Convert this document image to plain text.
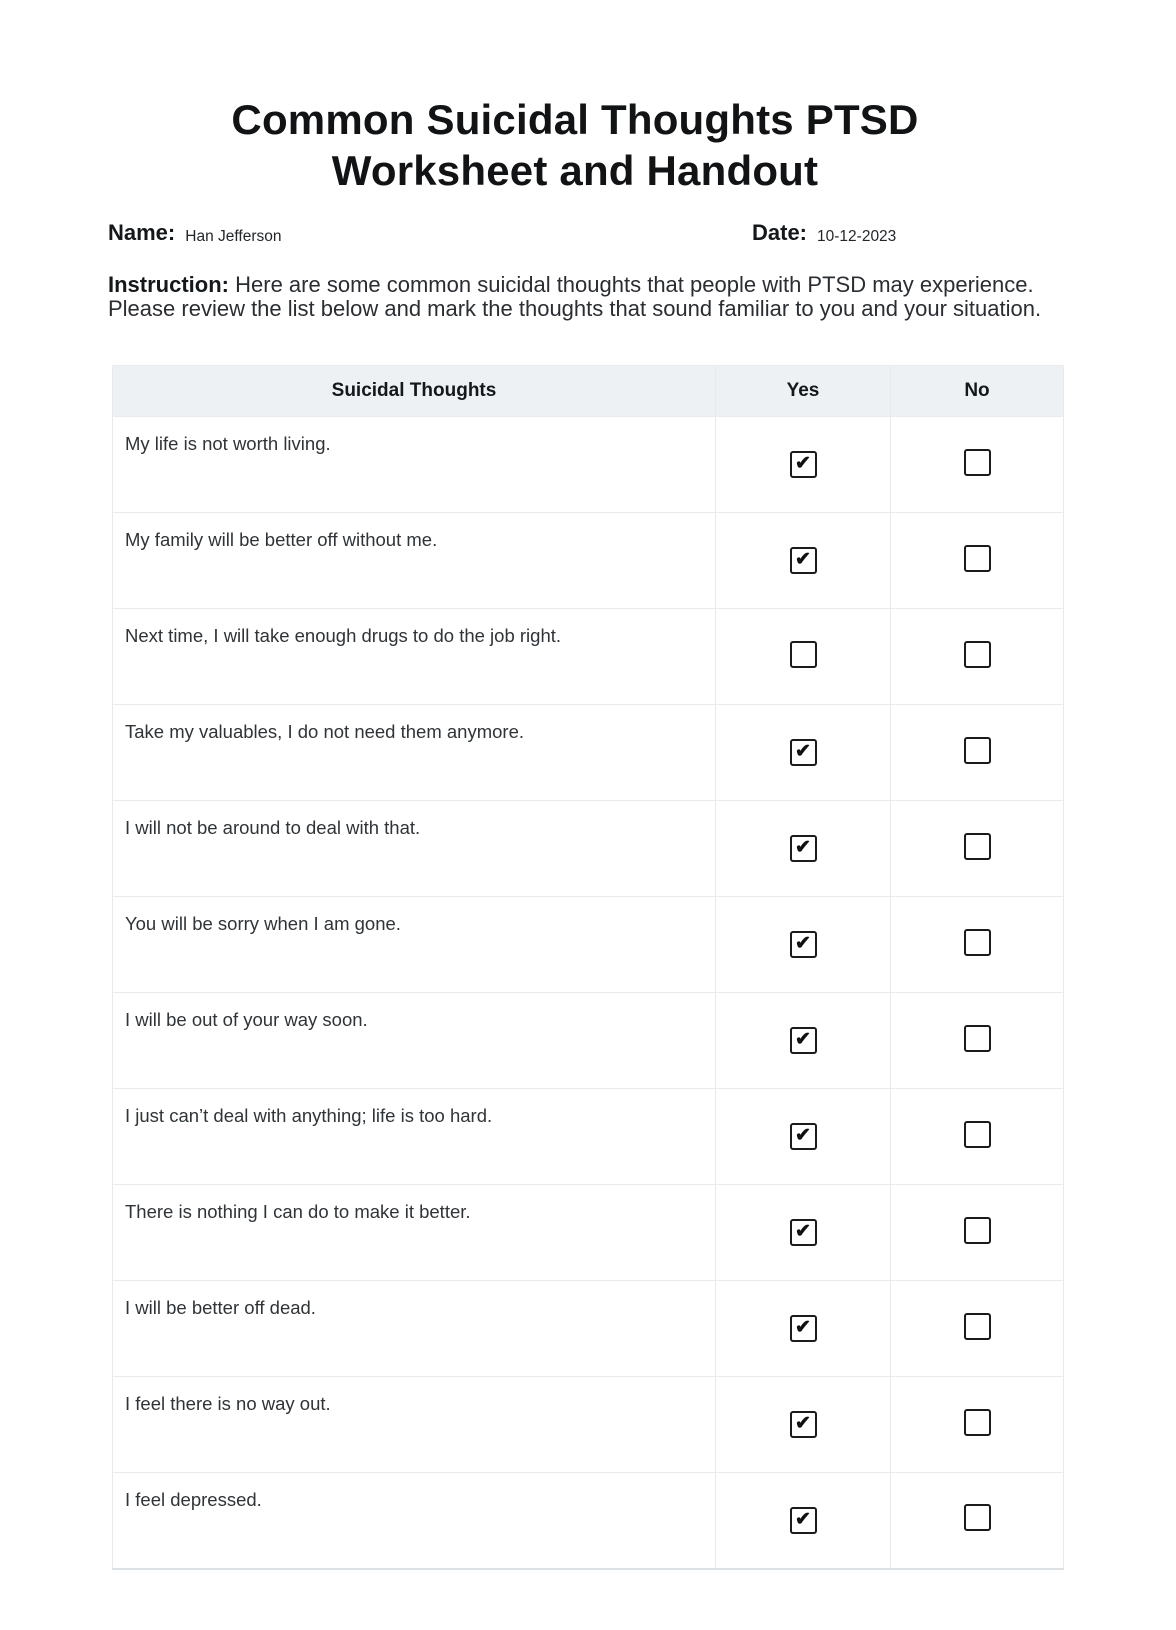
Common Suicidal Thoughts PTSD
Worksheet and Handout
Name: Han Jefferson	Date: 10-12-2023

Instruction: Here are some common suicidal thoughts that people with PTSD may experience. Please review the list below and mark the thoughts that sound familiar to you and your situation.

Suicidal Thoughts	Yes	No
My life is not worth living.	✔	
My family will be better off without me.	✔	
Next time, I will take enough drugs to do the job right.		
Take my valuables, I do not need them anymore.	✔	
I will not be around to deal with that.	✔	
You will be sorry when I am gone.	✔	
I will be out of your way soon.	✔	
I just can’t deal with anything; life is too hard.	✔	
There is nothing I can do to make it better.	✔	
I will be better off dead.	✔	
I feel there is no way out.	✔	
I feel depressed.	✔	
